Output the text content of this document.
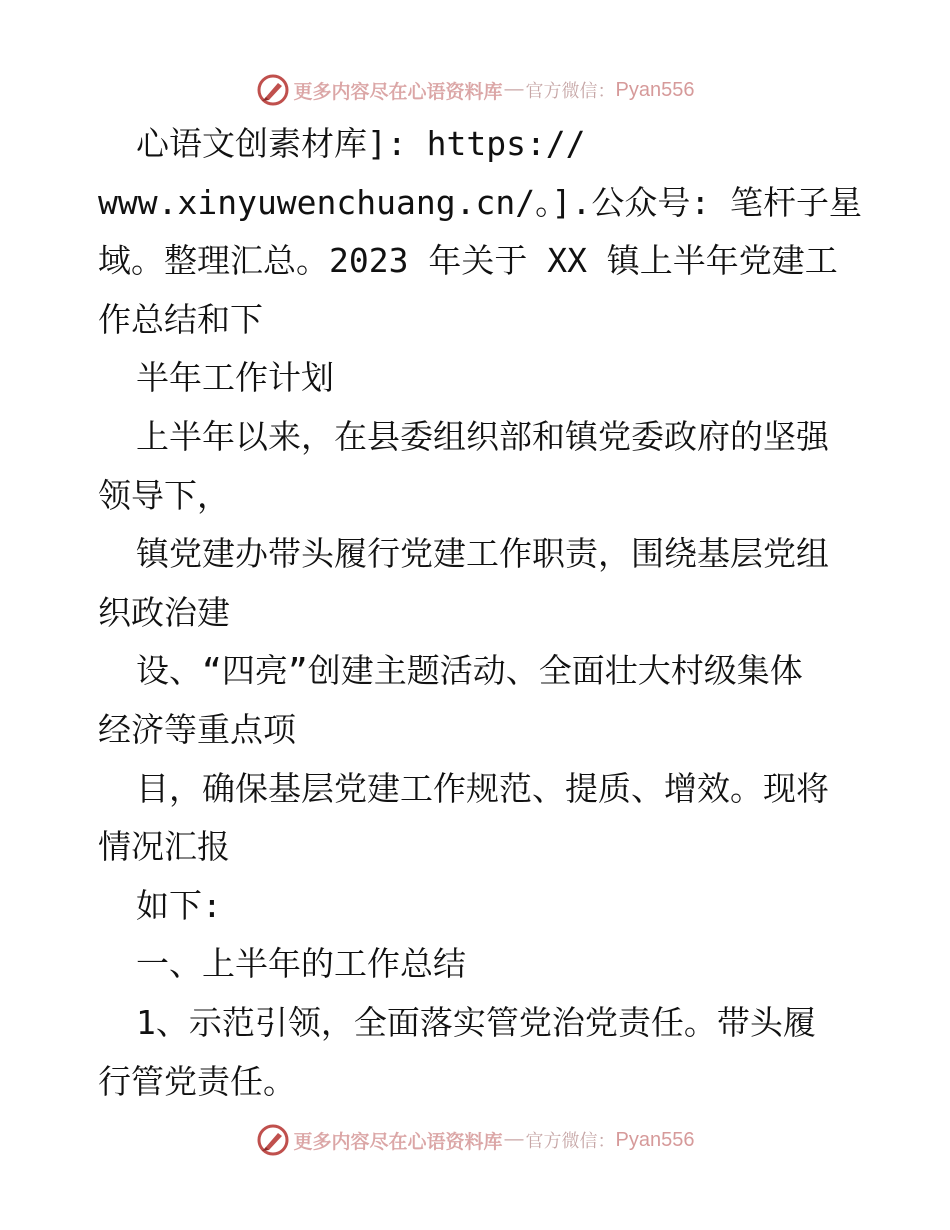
更多内容尽在心语资料库 — 官方微信： Pyan556
心语文创素材库]: https://
www.xinyuwenchuang.cn/。].公众号: 笔杆子星
域。整理汇总。2023 年关于 XX 镇上半年党建工
作总结和下
半年工作计划
上半年以来，在县委组织部和镇党委政府的坚强
领导下，
镇党建办带头履行党建工作职责，围绕基层党组
织政治建
设、“四亮”创建主题活动、全面壮大村级集体
经济等重点项
目，确保基层党建工作规范、提质、增效。现将
情况汇报
如下:
一、上半年的工作总结
1、示范引领，全面落实管党治党责任。带头履
行管党责任。
更多内容尽在心语资料库 — 官方微信： Pyan556
